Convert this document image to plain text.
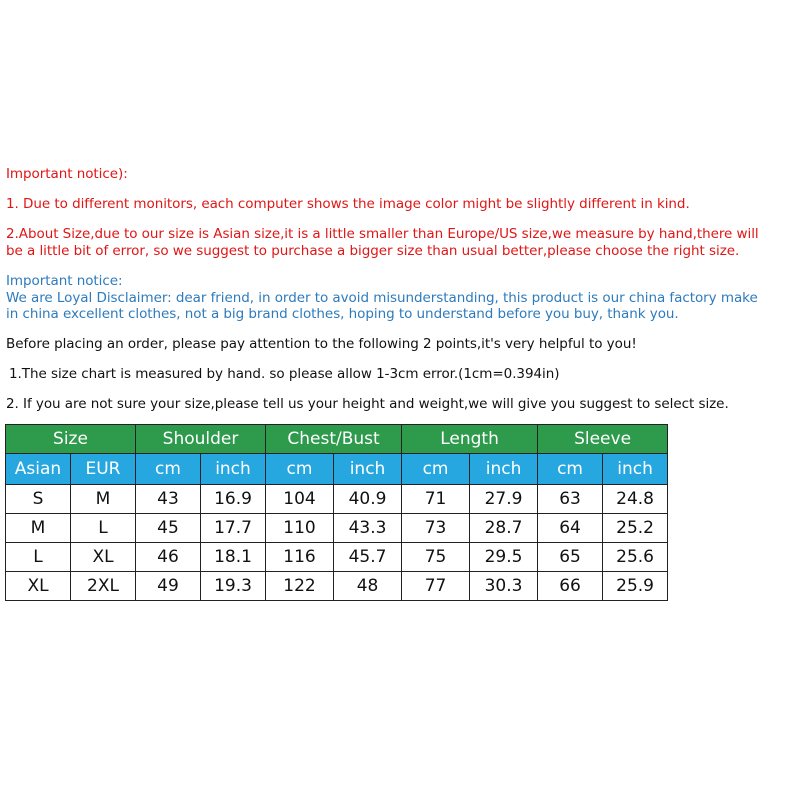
Important notice):
1. Due to different monitors, each computer shows the image color might be slightly different in kind.
2.About Size,due to our size is Asian size,it is a little smaller than Europe/US size,we measure by hand,there will
be a little bit of error, so we suggest to purchase a bigger size than usual better,please choose the right size.
Important notice:
We are Loyal Disclaimer: dear friend, in order to avoid misunderstanding, this product is our china factory make
in china excellent clothes, not a big brand clothes, hoping to understand before you buy, thank you.
Before placing an order, please pay attention to the following 2 points,it's very helpful to you!
1.The size chart is measured by hand. so please allow 1-3cm error.(1cm=0.394in)
2. If you are not sure your size,please tell us your height and weight,we will give you suggest to select size.
Size		Shoulder		Chest/Bust		Length		Sleeve	
Asian	EUR	cm	inch	cm	inch	cm	inch	cm	inch
S	M	43	16.9	104	40.9	71	27.9	63	24.8
M	L	45	17.7	110	43.3	73	28.7	64	25.2
L	XL	46	18.1	116	45.7	75	29.5	65	25.6
XL	2XL	49	19.3	122	48	77	30.3	66	25.9
